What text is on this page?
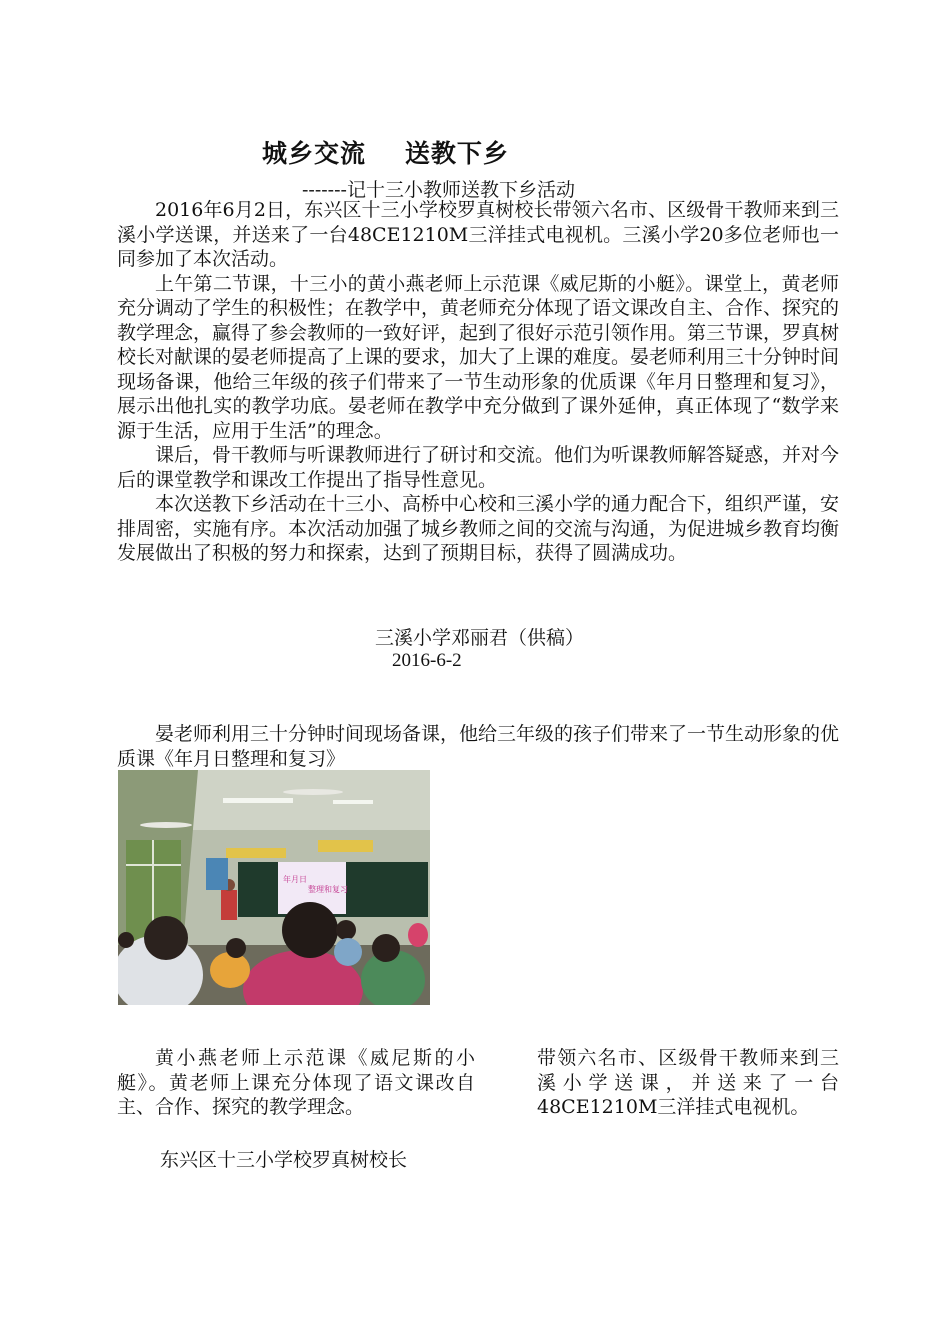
城乡交流    送教下乡
-------记十三小教师送教下乡活动

2016年6月2日，东兴区十三小学校罗真树校长带领六名市、区级骨干教师来到三溪小学送课，并送来了一台48CE1210M三洋挂式电视机。三溪小学20多位老师也一同参加了本次活动。

上午第二节课，十三小的黄小燕老师上示范课《威尼斯的小艇》。课堂上，黄老师充分调动了学生的积极性；在教学中，黄老师充分体现了语文课改自主、合作、探究的教学理念，赢得了参会教师的一致好评，起到了很好示范引领作用。第三节课，罗真树校长对献课的晏老师提高了上课的要求，加大了上课的难度。晏老师利用三十分钟时间现场备课，他给三年级的孩子们带来了一节生动形象的优质课《年月日整理和复习》，展示出他扎实的教学功底。晏老师在教学中充分做到了课外延伸，真正体现了“数学来源于生活，应用于生活”的理念。

课后，骨干教师与听课教师进行了研讨和交流。他们为听课教师解答疑惑，并对今后的课堂教学和课改工作提出了指导性意见。

本次送教下乡活动在十三小、高桥中心校和三溪小学的通力配合下，组织严谨，安排周密，实施有序。本次活动加强了城乡教师之间的交流与沟通，为促进城乡教育均衡发展做出了积极的努力和探索，达到了预期目标，获得了圆满成功。

三溪小学邓丽君（供稿）
2016-6-2
晏老师利用三十分钟时间现场备课，他给三年级的孩子们带来了一节生动形象的优质课《年月日整理和复习》
年月日
整理和复习
黄小燕老师上示范课《威尼斯的小艇》。黄老师上课充分体现了语文课改自主、合作、探究的教学理念。
东兴区十三小学校罗真树校长
带领六名市、区级骨干教师来到三溪小学送课，并送来了一台48CE1210M三洋挂式电视机。
